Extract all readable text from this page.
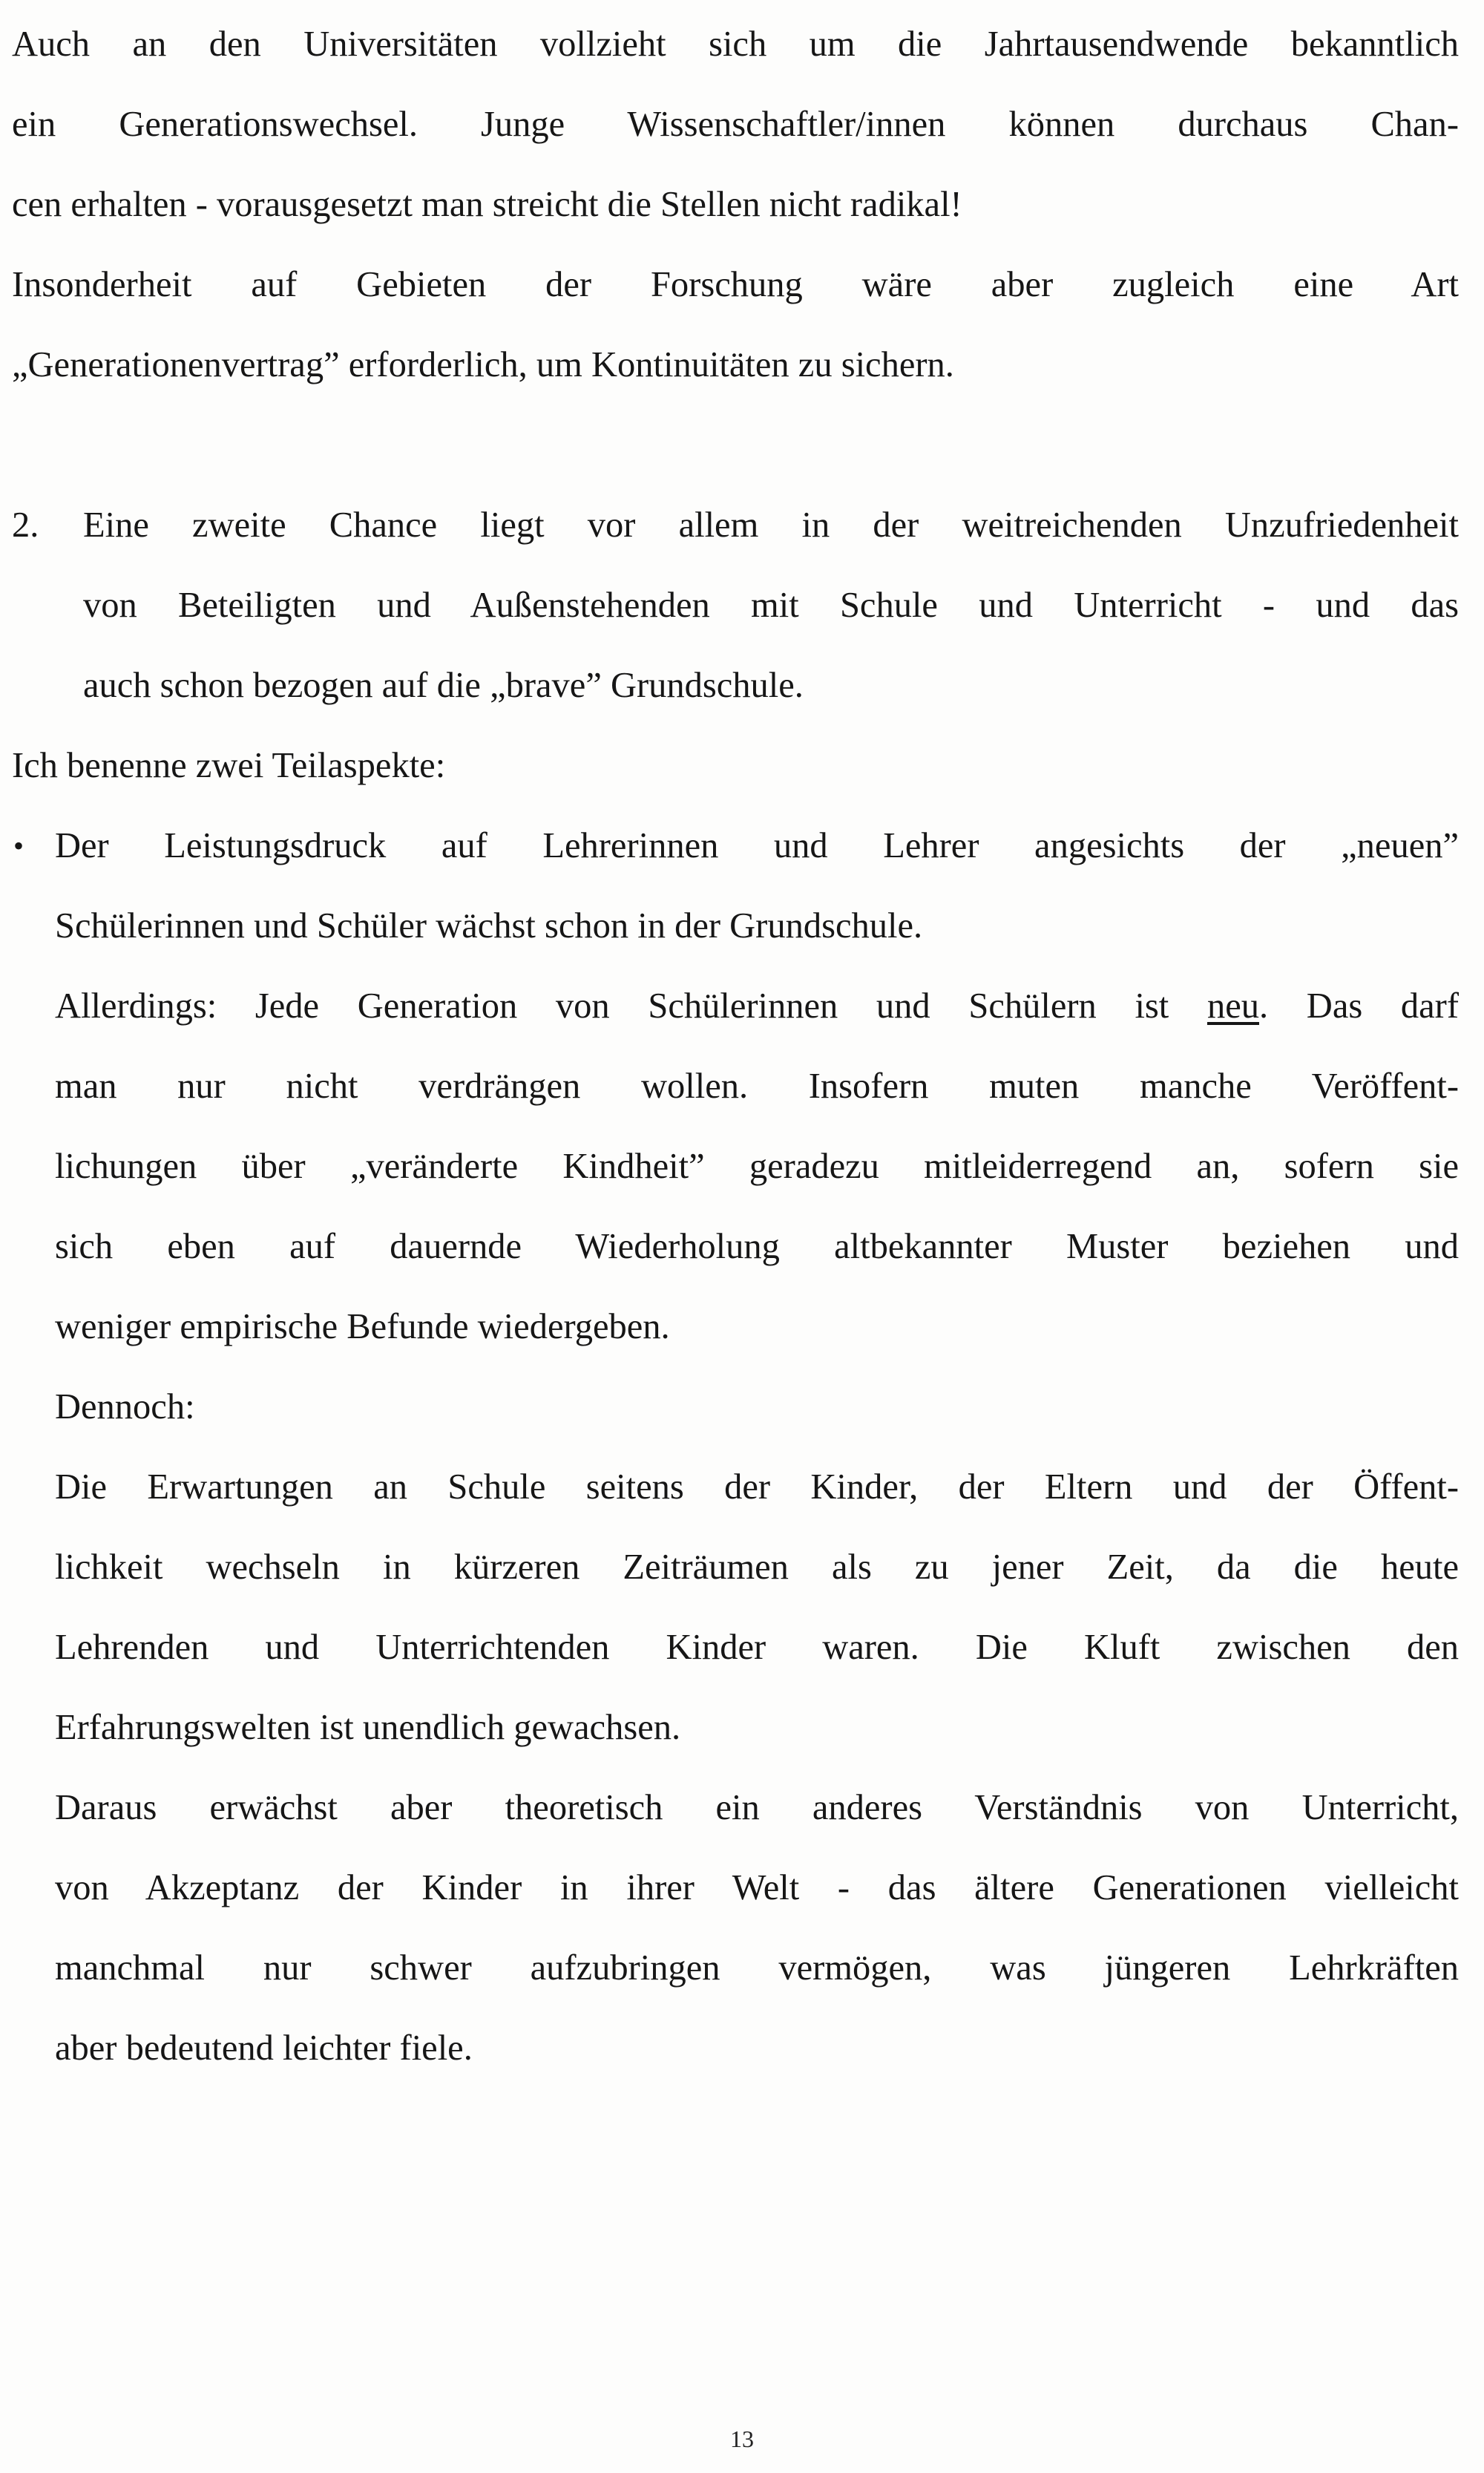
Auch an den Universitäten vollzieht sich um die Jahrtausendwende bekanntlich
ein Generationswechsel. Junge Wissenschaftler/innen können durchaus Chan-
cen erhalten - vorausgesetzt man streicht die Stellen nicht radikal!
Insonderheit auf Gebieten der Forschung wäre aber zugleich eine Art
„Generationenvertrag” erforderlich, um Kontinuitäten zu sichern.
2. Eine zweite Chance liegt vor allem in der weitreichenden Unzufriedenheit
von Beteiligten und Außenstehenden mit Schule und Unterricht - und das
auch schon bezogen auf die „brave” Grundschule.
Ich benenne zwei Teilaspekte:
• Der Leistungsdruck auf Lehrerinnen und Lehrer angesichts der „neuen”
Schülerinnen und Schüler wächst schon in der Grundschule.
Allerdings: Jede Generation von Schülerinnen und Schülern ist neu. Das darf
man nur nicht verdrängen wollen. Insofern muten manche Veröffent-
lichungen über „veränderte Kindheit” geradezu mitleiderregend an, sofern sie
sich eben auf dauernde Wiederholung altbekannter Muster beziehen und
weniger empirische Befunde wiedergeben.
Dennoch:
Die Erwartungen an Schule seitens der Kinder, der Eltern und der Öffent-
lichkeit wechseln in kürzeren Zeiträumen als zu jener Zeit, da die heute
Lehrenden und Unterrichtenden Kinder waren. Die Kluft zwischen den
Erfahrungswelten ist unendlich gewachsen.
Daraus erwächst aber theoretisch ein anderes Verständnis von Unterricht,
von Akzeptanz der Kinder in ihrer Welt - das ältere Generationen vielleicht
manchmal nur schwer aufzubringen vermögen, was jüngeren Lehrkräften
aber bedeutend leichter fiele.
13
